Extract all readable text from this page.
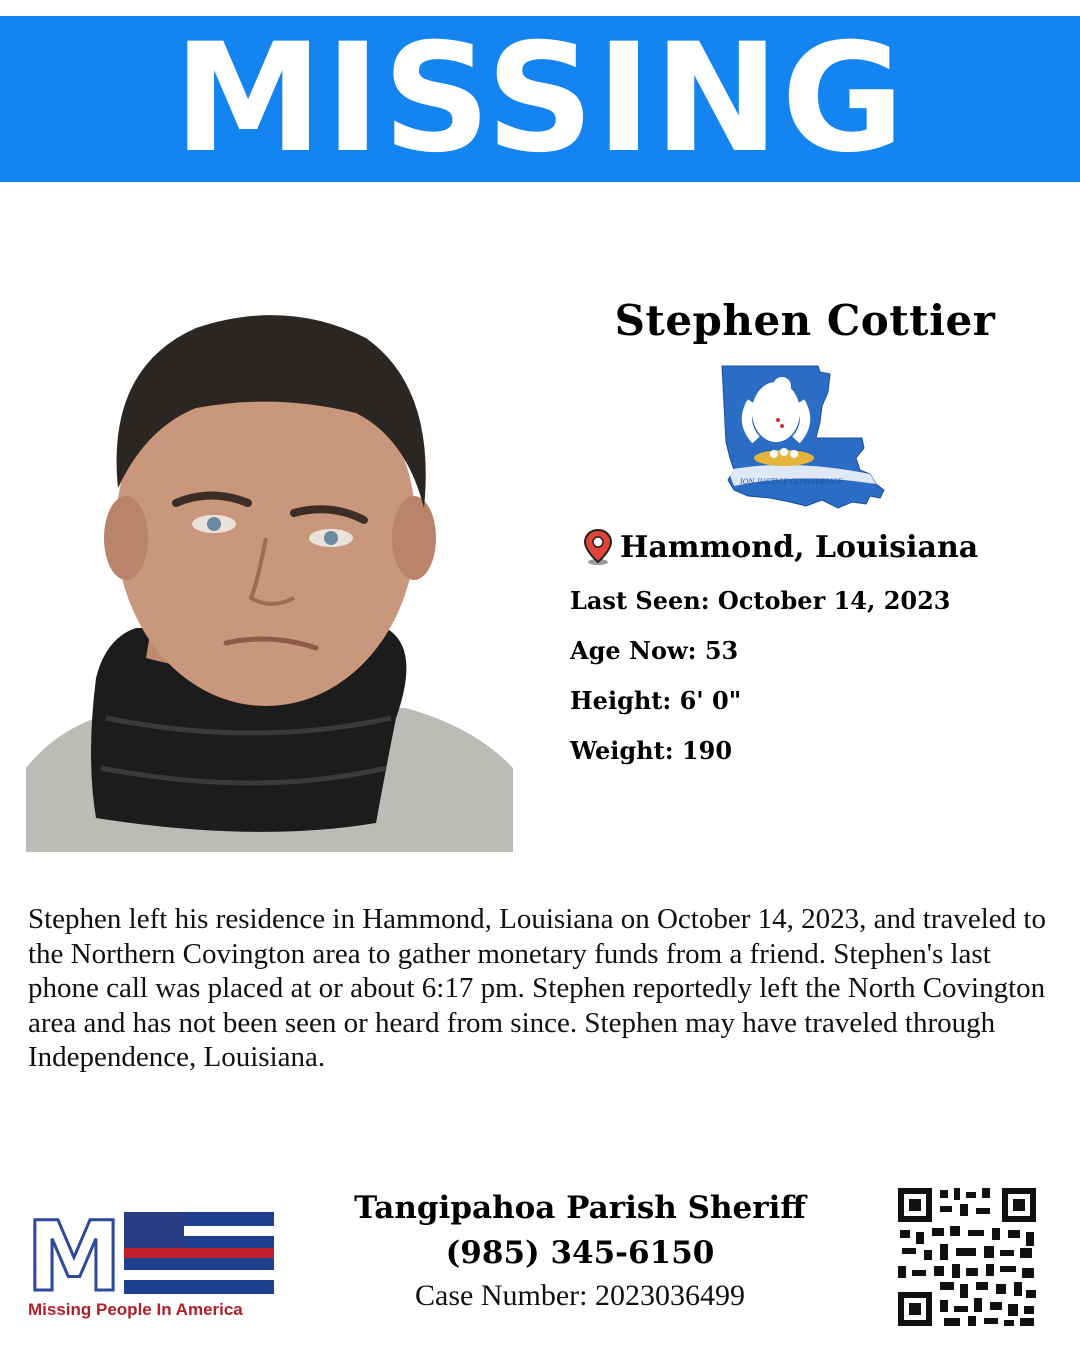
MISSING
Stephen Cottier
ION JUSTICE CONFIDENCE
Hammond, Louisiana
Last Seen: October 14, 2023
Age Now: 53
Height: 6' 0"
Weight: 190
Stephen left his residence in Hammond, Louisiana on October 14, 2023, and traveled to the Northern Covington area to gather monetary funds from a friend. Stephen's last phone call was placed at or about 6:17 pm. Stephen reportedly left the North Covington area and has not been seen or heard from since. Stephen may have traveled through Independence, Louisiana.
M
Missing People In America
Tangipahoa Parish Sheriff
(985) 345-6150
Case Number: 2023036499
